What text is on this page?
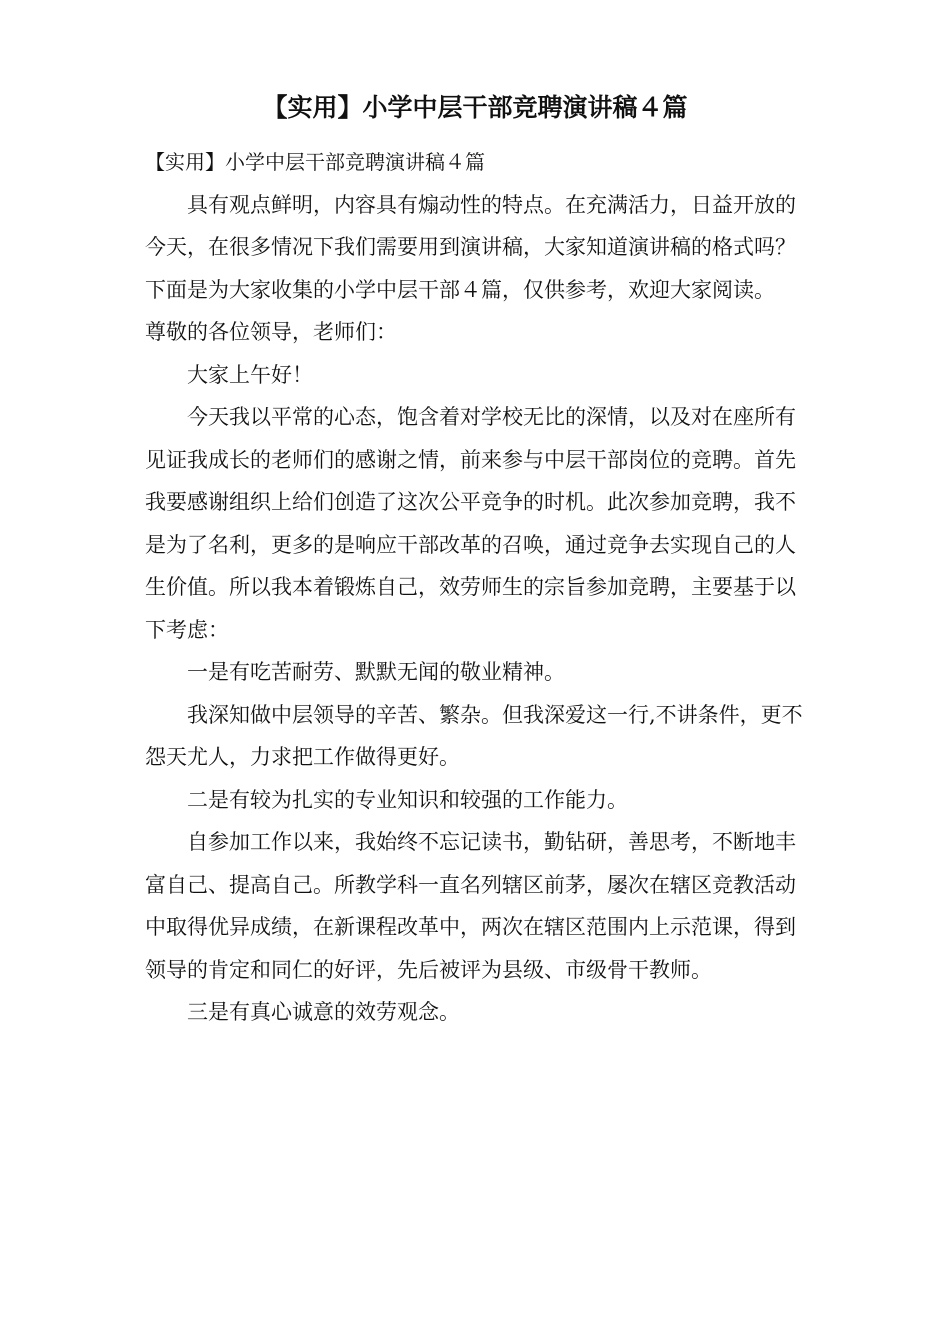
【实用】小学中层干部竞聘演讲稿４篇

【实用】小学中层干部竞聘演讲稿４篇

具有观点鲜明，内容具有煽动性的特点。在充满活力，日益开放的今天，在很多情况下我们需要用到演讲稿，大家知道演讲稿的格式吗？下面是为大家收集的小学中层干部４篇，仅供参考，欢迎大家阅读。

尊敬的各位领导，老师们：

大家上午好！

今天我以平常的心态，饱含着对学校无比的深情，以及对在座所有见证我成长的老师们的感谢之情，前来参与中层干部岗位的竞聘。首先我要感谢组织上给们创造了这次公平竞争的时机。此次参加竞聘，我不是为了名利，更多的是响应干部改革的召唤，通过竞争去实现自己的人生价值。所以我本着锻炼自己，效劳师生的宗旨参加竞聘，主要基于以下考虑：

一是有吃苦耐劳、默默无闻的敬业精神。

我深知做中层领导的辛苦、繁杂。但我深爱这一行,不讲条件，更不怨天尤人，力求把工作做得更好。

二是有较为扎实的专业知识和较强的工作能力。

自参加工作以来，我始终不忘记读书，勤钻研，善思考，不断地丰富自己、提高自己。所教学科一直名列辖区前茅，屡次在辖区竞教活动中取得优异成绩，在新课程改革中，两次在辖区范围内上示范课，得到领导的肯定和同仁的好评，先后被评为县级、市级骨干教师。

三是有真心诚意的效劳观念。
